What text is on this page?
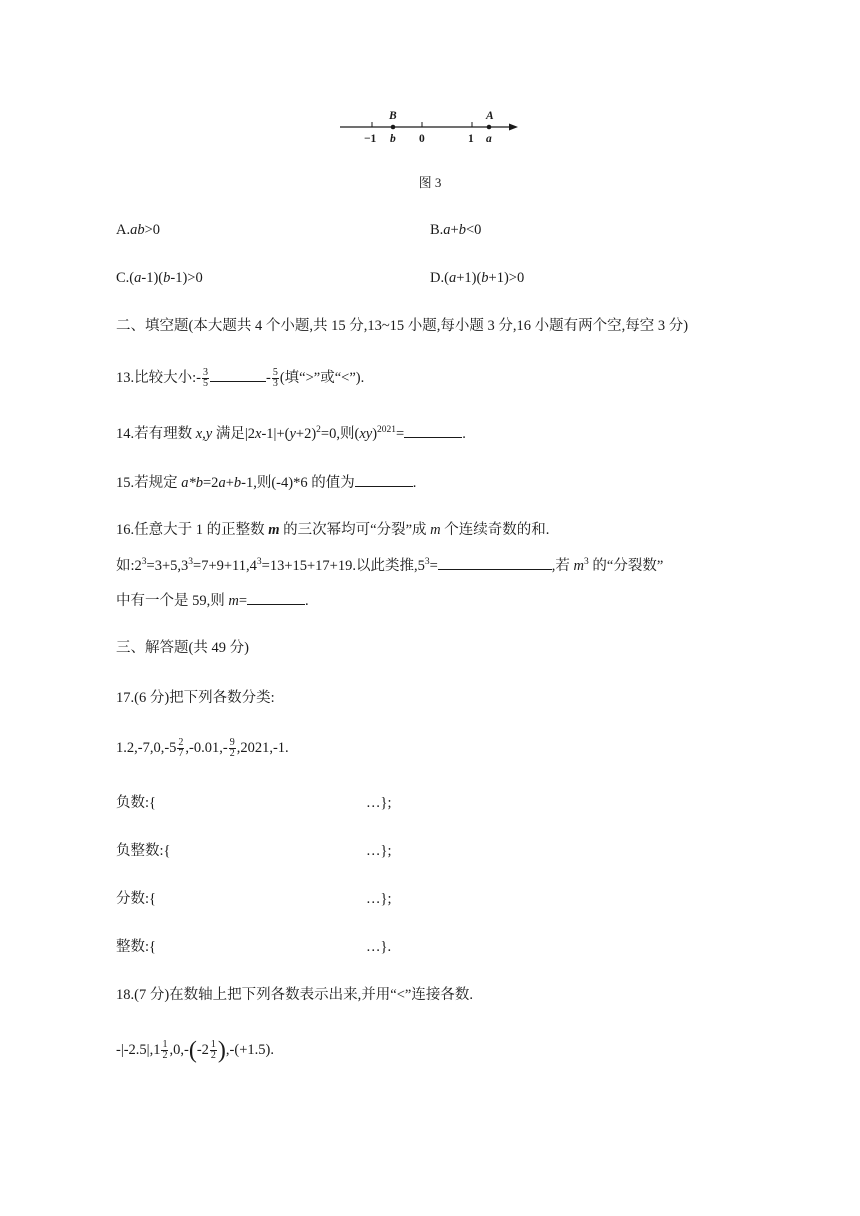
B	A
−1 b 0	1 a
图 3
A.ab>0	B.a+b<0
C.(a-1)(b-1)>0	D.(a+1)(b+1)>0
二、填空题(本大题共 4 个小题,共 15 分,13~15 小题,每小题 3 分,16 小题有两个空,每空 3 分)
13.比较大小:- $\frac{3}{5}$	- $\frac{5}{3}$ (填“>”或“<”).
14.若有理数 x,y 满足$|2x-1|+(y+2)^2=0$,则(xy)$^{2021}$=	.
15.若规定 a*b=2a+b-1,则(-4)*6 的值为	.
16.任意大于 1 的正整数 m 的三次幂均可“分裂”成 m 个连续奇数的和.
如$:2^3=3+5,3^3=7+9+11,4^3=13+15+17+19$.以此类推$,5^3=$	,若 $m^3$ 的“分裂数”
中有一个是 59,则 m=	.
三、解答题(共 49 分)
17.(6 分)把下列各数分类:
$1.2,-7,0,-5 \frac{2}{7} ,-0.01,- \frac{9}{2} ,2021,-1$.
负数:{	…};
负整数:{	…};
分数:{	…};
整数:{	…}.
18.(7 分)在数轴上把下列各数表示出来,并用“<”连接各数.
$-|-2.5|,1 \frac{1}{2} ,0,-(-2 \frac{1}{2} ),-(+1.5)$.
